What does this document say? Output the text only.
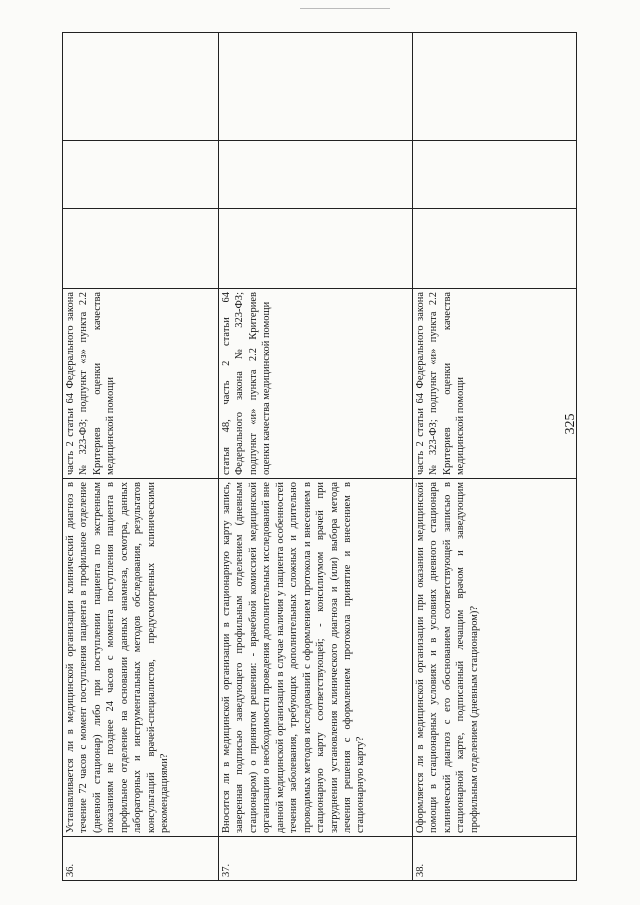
325
36.	Устанавливается ли в медицинской организации клинический диагноз в течение 72 часов с момент поступления пациента в профильное отделение (дневной стационар) либо при поступлении пациента по экстренным показаниям не позднее 24 часов с момента поступления пациента в профильное отделение на основании данных анамнеза, осмотра, данных лабораторных и инструментальных методов обследования, результатов консультаций врачей-специалистов, предусмотренных клиническими рекомендациями?	часть 2 статьи 64 Федерального закона № 323-ФЗ; подпункт «з» пункта 2.2 Критериев оценки качества медицинской помощи			
37.	Вносится ли в медицинской организации в стационарную карту запись, заверенная подписью заведующего профильным отделением (дневным стационаром) о принятом решении: - врачебной комиссией медицинской организации о необходимости проведения дополнительных исследований вне данной медицинской организации в случае наличия у пациента особенностей течения заболевания, требующих дополнительных сложных и длительно проводимых методов исследований с оформлением протокола и внесением в стационарную карту соответствующей; - консилиумом врачей при затруднении установления клинического диагноза и (или) выбора метода лечения решения с оформлением протокола принятие и внесением в стационарную карту?	статья 48, часть 2 статьи 64 Федерального закона № 323-ФЗ; подпункт «и» пункта 2.2 Критериев оценки качества медицинской помощи			
38.	Оформляется ли в медицинской организации при оказании медицинской помощи в стационарных условиях и в условиях дневного стационара клинический диагноз с его обоснованием соответствующей записью в стационарной карте, подписанный лечащим врачом и заведующим профильным отделением (дневным стационаром)?	часть 2 статьи 64 Федерального закона № 323-ФЗ; подпункт «и» пункта 2.2 Критериев оценки качества медицинской помощи			
